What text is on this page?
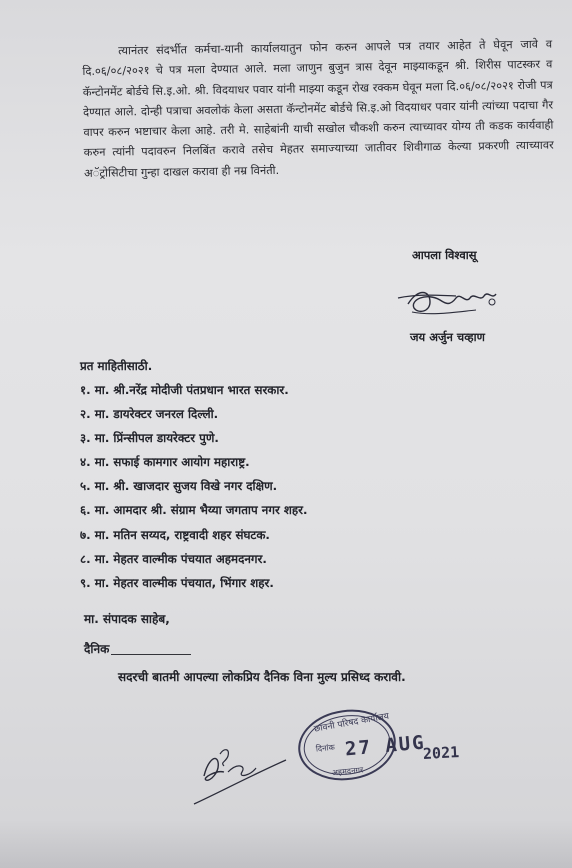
त्यानंतर संदर्भीत कर्मचा-यानी कार्यालयातुन फोन करुन आपले पत्र तयार आहेत ते घेवून जावे व दि.०६/०८/२०२१ चे पत्र मला देण्यात आले. मला जाणुन बुजुन त्रास देवून माझ्याकडून श्री. शिरीस पाटस्कर व कॅन्टोनमेंट बोर्डचे सि.इ.ओ. श्री. विदयाधर पवार यांनी माझ्या कडून रोख रक्कम घेवून मला दि.०६/०८/२०२१ रोजी पत्र देण्यात आले. दोन्ही पत्राचा अवलोकं केला असता कॅन्टोनमेंट बोर्डचे सि.इ.ओ विदयाधर पवार यांनी त्यांच्या पदाचा गैर वापर करुन भष्टाचार केला आहे. तरी मे. साहेबांनी याची सखोल चौकशी करुन त्याच्यावर योग्य ती कडक कार्यवाही करुन त्यांनी पदावरुन निलबिंत करावे तसेच मेहतर समाज्याच्या जातीवर शिवीगाळ केल्या प्रकरणी त्याच्यावर अॅट्रोसिटीचा गुन्हा दाखल करावा ही नम्र विनंती.
आपला विश्वासू
जय अर्जुन चव्हाण
प्रत माहितीसाठी.
१. मा. श्री.नरेंद्र मोदीजी पंतप्रधान भारत सरकार.
२. मा. डायरेक्टर जनरल दिल्ली.
३. मा. प्रिंन्सीपल डायरेक्टर पुणे.
४. मा. सफाई कामगार आयोग महाराष्ट्र.
५. मा. श्री. खाजदार सुजय विखे नगर दक्षिण.
६. मा. आमदार श्री. संग्राम भैय्या जगताप नगर शहर.
७. मा. मतिन सय्यद, राष्ट्रवादी शहर संघटक.
८. मा. मेहतर वाल्मीक पंचयात अहमदनगर.
९. मा. मेहतर वाल्मीक पंचयात, भिंगार शहर.
मा. संपादक साहेब,
दैनिक
सदरची बातमी आपल्या लोकप्रिय दैनिक विना मुल्य प्रसिध्द करावी.
छावनी परिषद कार्यालय
दिनांक
अहमदनगर
27 AUG
2021
